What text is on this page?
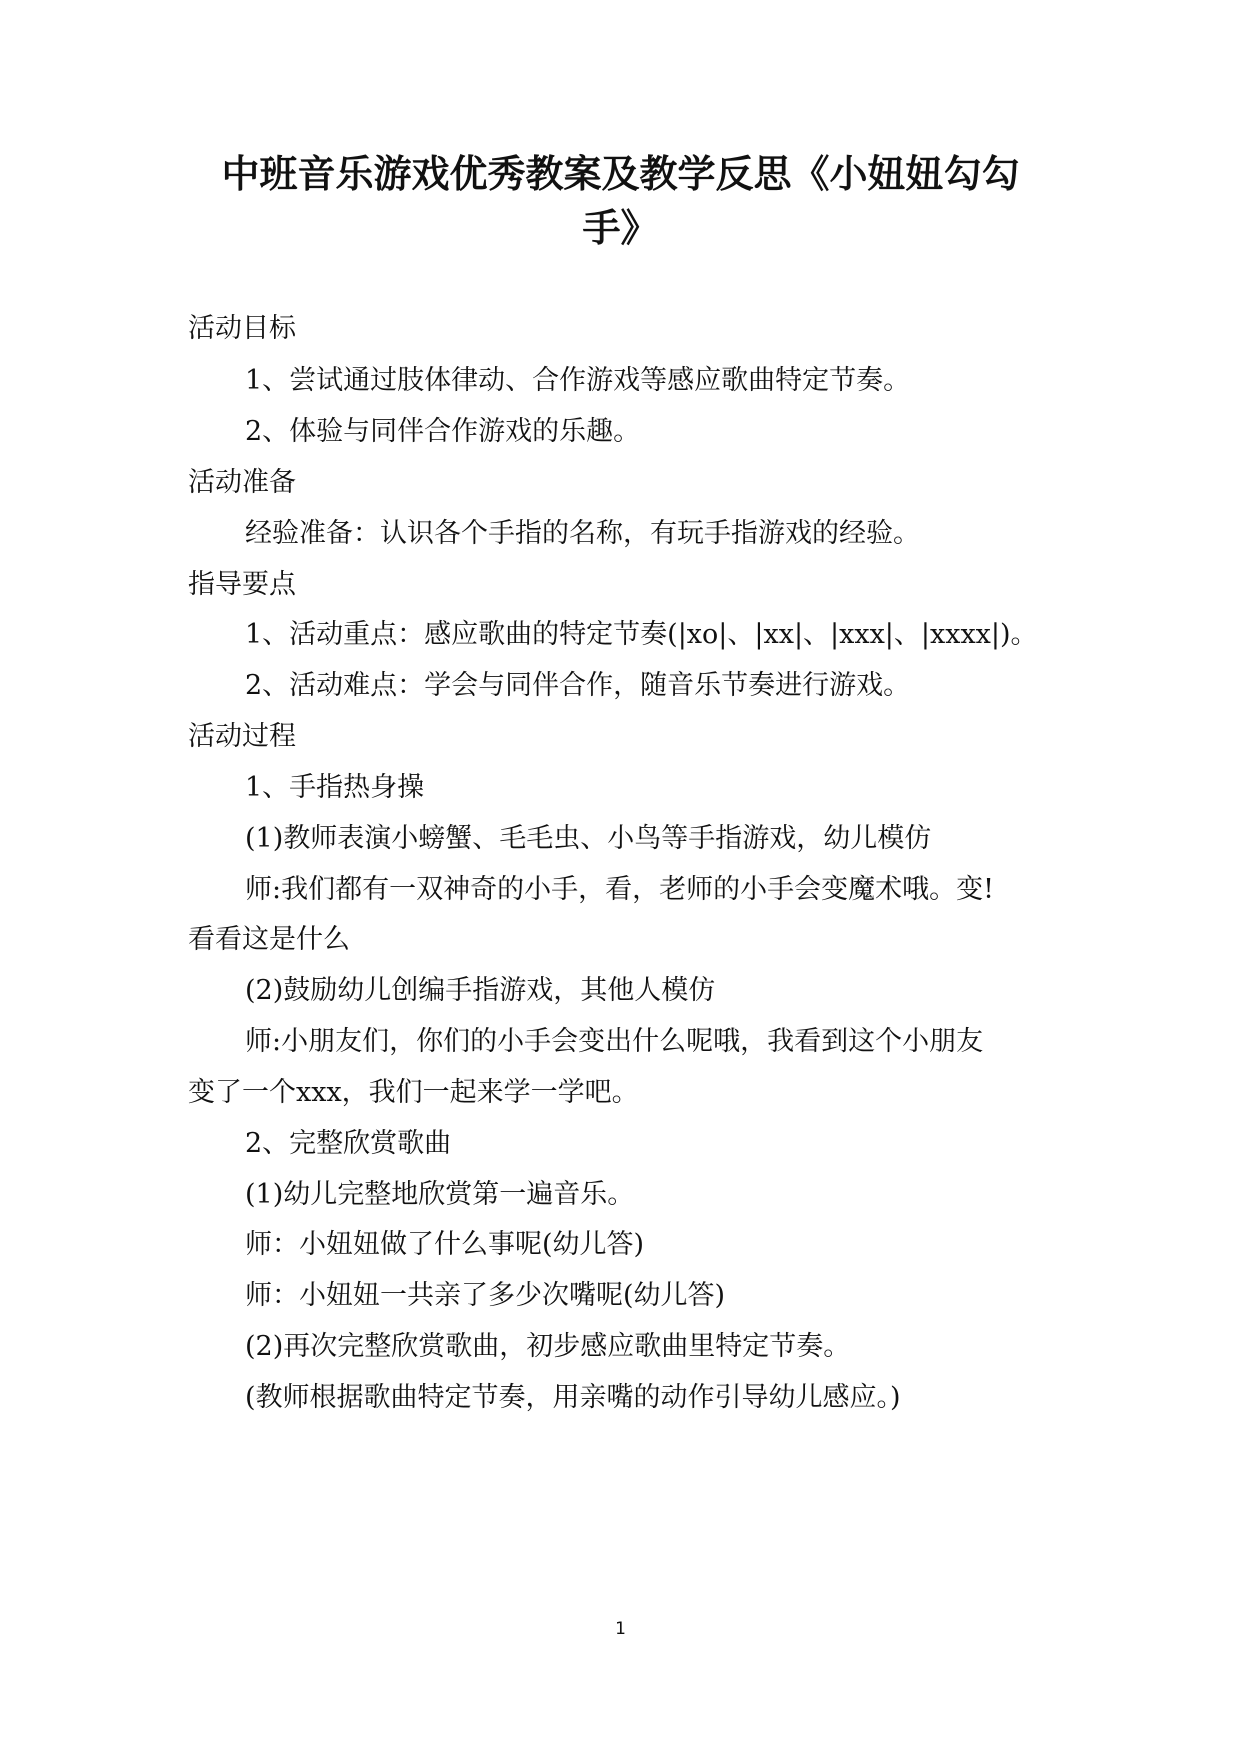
中班音乐游戏优秀教案及教学反思《小妞妞勾勾
手》
活动目标
1、尝试通过肢体律动、合作游戏等感应歌曲特定节奏。
2、体验与同伴合作游戏的乐趣。
活动准备
经验准备：认识各个手指的名称，有玩手指游戏的经验。
指导要点
1、活动重点：感应歌曲的特定节奏(|xo|、|xx|、|xxx|、|xxxx|)。
2、活动难点：学会与同伴合作，随音乐节奏进行游戏。
活动过程
1、手指热身操
(1)教师表演小螃蟹、毛毛虫、小鸟等手指游戏，幼儿模仿
师:我们都有一双神奇的小手，看，老师的小手会变魔术哦。变!
看看这是什么
(2)鼓励幼儿创编手指游戏，其他人模仿
师:小朋友们，你们的小手会变出什么呢哦，我看到这个小朋友
变了一个xxx，我们一起来学一学吧。
2、完整欣赏歌曲
(1)幼儿完整地欣赏第一遍音乐。
师：小妞妞做了什么事呢(幼儿答)
师：小妞妞一共亲了多少次嘴呢(幼儿答)
(2)再次完整欣赏歌曲，初步感应歌曲里特定节奏。
(教师根据歌曲特定节奏，用亲嘴的动作引导幼儿感应。)
1
